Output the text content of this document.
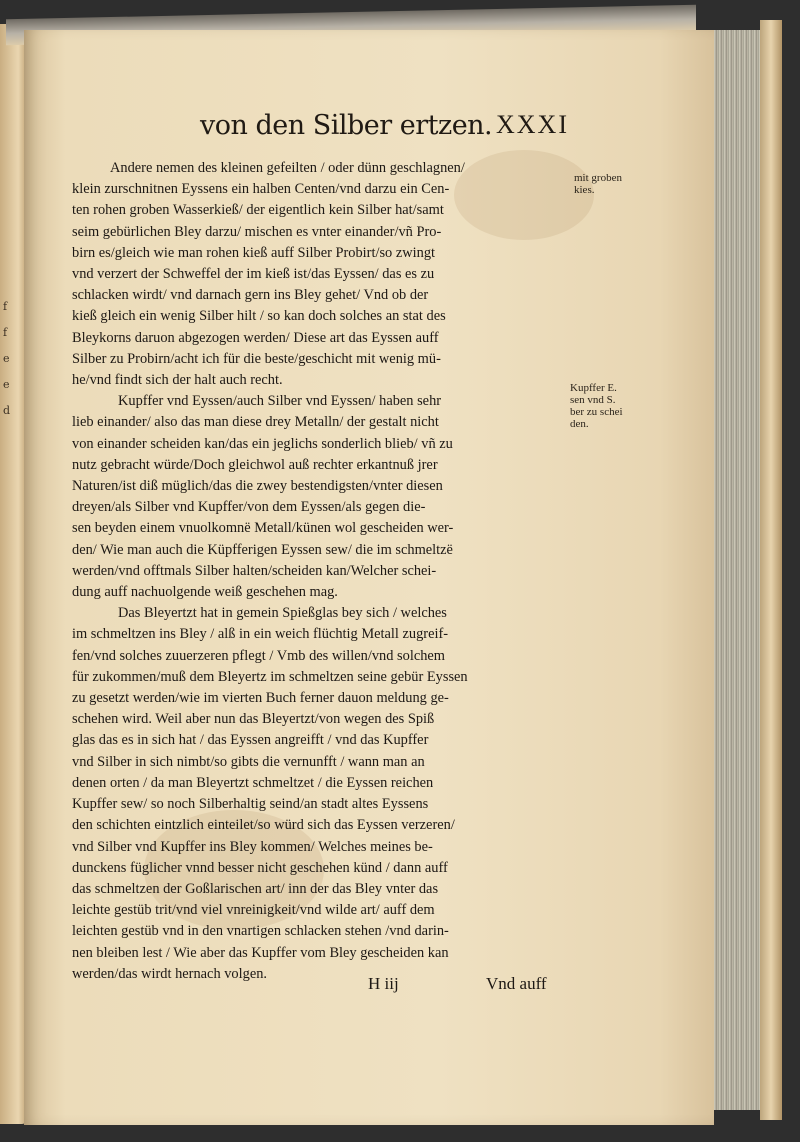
f
f
e
e
d
von den Silber ertzen. XXXI

Andere nemen des kleinen gefeilten / oder dünn geschlagnen/
klein zurschnitnen Eyssens ein halben Centen/vnd darzu ein Cen-
ten rohen groben Wasserkieß/ der eigentlich kein Silber hat/samt
seim gebürlichen Bley darzu/ mischen es vnter einander/vñ Pro-
birn es/gleich wie man rohen kieß auff Silber Probirt/so zwingt
vnd verzert der Schweffel der im kieß ist/das Eyssen/ das es zu
schlacken wirdt/ vnd darnach gern ins Bley gehet/ Vnd ob der
kieß gleich ein wenig Silber hilt / so kan doch solches an stat des
Bleykorns daruon abgezogen werden/ Diese art das Eyssen auff
Silber zu Probirn/acht ich für die beste/geschicht mit wenig mü-
he/vnd findt sich der halt auch recht.

Kupffer vnd Eyssen/auch Silber vnd Eyssen/ haben sehr
lieb einander/ also das man diese drey Metalln/ der gestalt nicht
von einander scheiden kan/das ein jeglichs sonderlich blieb/ vñ zu
nutz gebracht würde/Doch gleichwol auß rechter erkantnuß jrer
Naturen/ist diß müglich/das die zwey bestendigsten/vnter diesen
dreyen/als Silber vnd Kupffer/von dem Eyssen/als gegen die-
sen beyden einem vnuolkomnë Metall/künen wol gescheiden wer-
den/ Wie man auch die Küpfferigen Eyssen sew/ die im schmeltzë
werden/vnd offtmals Silber halten/scheiden kan/Welcher schei-
dung auff nachuolgende weiß geschehen mag.

Das Bleyertzt hat in gemein Spießglas bey sich / welches
im schmeltzen ins Bley / alß in ein weich flüchtig Metall zugreif-
fen/vnd solches zuuerzeren pflegt / Vmb des willen/vnd solchem
für zukommen/muß dem Bleyertz im schmeltzen seine gebür Eyssen
zu gesetzt werden/wie im vierten Buch ferner dauon meldung ge-
schehen wird. Weil aber nun das Bleyertzt/von wegen des Spiß
glas das es in sich hat / das Eyssen angreifft / vnd das Kupffer
vnd Silber in sich nimbt/so gibts die vernunfft / wann man an
denen orten / da man Bleyertzt schmeltzet / die Eyssen reichen
Kupffer sew/ so noch Silberhaltig seind/an stadt altes Eyssens
den schichten eintzlich einteilet/so würd sich das Eyssen verzeren/
vnd Silber vnd Kupffer ins Bley kommen/ Welches meines be-
dunckens füglicher vnnd besser nicht geschehen künd / dann auff
das schmeltzen der Goßlarischen art/ inn der das Bley vnter das
leichte gestüb trit/vnd viel vnreinigkeit/vnd wilde art/ auff dem
leichten gestüb vnd in den vnartigen schlacken stehen /vnd darin-
nen bleiben lest / Wie aber das Kupffer vom Bley gescheiden kan
werden/das wirdt hernach volgen.

mit groben
kies.
Kupffer E.
sen vnd S.
ber zu schei
den.
H iij	Vnd auff
